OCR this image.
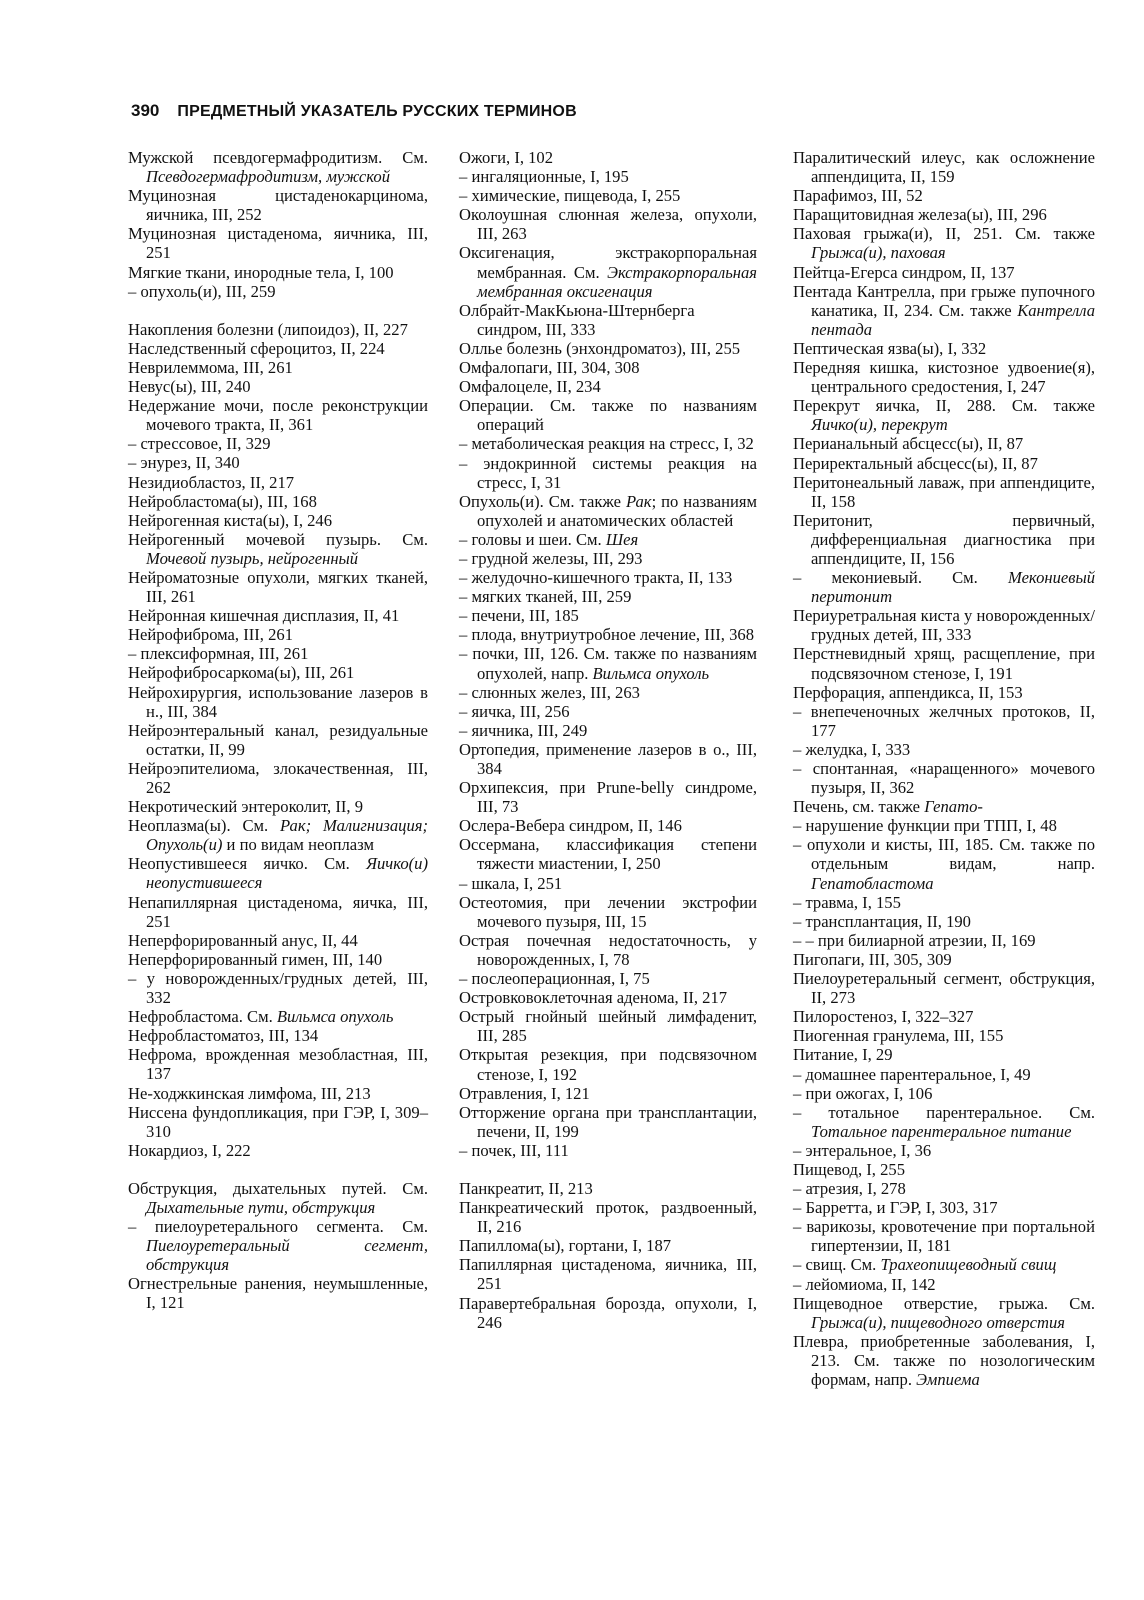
390 ПРЕДМЕТНЫЙ УКАЗАТЕЛЬ РУССКИХ ТЕРМИНОВ

Мужской псевдогермафродитизм. См. Псевдогермафродитизм, мужской

Муцинозная цистаденокарцинома, яичника, III, 252

Муцинозная цистаденома, яичника, III, 251

Мягкие ткани, инородные тела, I, 100

– опухоль(и), III, 259

Накопления болезни (липоидоз), II, 227

Наследственный сфероцитоз, II, 224

Неврилеммома, III, 261

Невус(ы), III, 240

Недержание мочи, после реконструкции мочевого тракта, II, 361

– стрессовое, II, 329

– энурез, II, 340

Незидиобластоз, II, 217

Нейробластома(ы), III, 168

Нейрогенная киста(ы), I, 246

Нейрогенный мочевой пузырь. См. Мочевой пузырь, нейрогенный

Нейроматозные опухоли, мягких тканей, III, 261

Нейронная кишечная дисплазия, II, 41

Нейрофиброма, III, 261

– плексиформная, III, 261

Нейрофибросаркома(ы), III, 261

Нейрохирургия, использование лазеров в н., III, 384

Нейроэнтеральный канал, резидуальные остатки, II, 99

Нейроэпителиома, злокачественная, III, 262

Некротический энтероколит, II, 9

Неоплазма(ы). См. Рак; Малигнизация; Опухоль(и) и по видам неоплазм

Неопустившееся яичко. См. Яичко(и) неопустившееся

Непапиллярная цистаденома, яичка, III, 251

Неперфорированный анус, II, 44

Неперфорированный гимен, III, 140

– у новорожденных/грудных детей, III, 332

Нефробластома. См. Вильмса опухоль

Нефробластоматоз, III, 134

Нефрома, врожденная мезобластная, III, 137

Не-ходжкинская лимфома, III, 213

Ниссена фундопликация, при ГЭР, I, 309–310

Нокардиоз, I, 222

Обструкция, дыхательных путей. См. Дыхательные пути, обструкция

– пиелоуретерального сегмента. См. Пиелоуретеральный сегмент, обструкция

Огнестрельные ранения, неумышленные, I, 121

Ожоги, I, 102

– ингаляционные, I, 195

– химические, пищевода, I, 255

Околоушная слюнная железа, опухоли, III, 263

Оксигенация, экстракорпоральная мембранная. См. Экстракорпоральная мембранная оксигенация

Олбрайт-МакКьюна-Штернберга синдром, III, 333

Олльe болезнь (энхондроматоз), III, 255

Омфалопаги, III, 304, 308

Омфалоцеле, II, 234

Операции. См. также по названиям операций

– метаболическая реакция на стресс, I, 32

– эндокринной системы реакция на стресс, I, 31

Опухоль(и). См. также Рак; по названиям опухолей и анатомических областей

– головы и шеи. См. Шея

– грудной железы, III, 293

– желудочно-кишечного тракта, II, 133

– мягких тканей, III, 259

– печени, III, 185

– плода, внутриутробное лечение, III, 368

– почки, III, 126. См. также по названиям опухолей, напр. Вильмса опухоль

– слюнных желез, III, 263

– яичка, III, 256

– яичника, III, 249

Ортопедия, применение лазеров в о., III, 384

Орхипексия, при Prune-belly синдроме, III, 73

Ослера-Вебера синдром, II, 146

Оссермана, классификация степени тяжести миастении, I, 250

– шкала, I, 251

Остеотомия, при лечении экстрофии мочевого пузыря, III, 15

Острая почечная недостаточность, у новорожденных, I, 78

– послеоперационная, I, 75

Островковоклеточная аденома, II, 217

Острый гнойный шейный лимфаденит, III, 285

Открытая резекция, при подсвязочном стенозе, I, 192

Отравления, I, 121

Отторжение органа при трансплантации, печени, II, 199

– почек, III, 111

Панкреатит, II, 213

Панкреатический проток, раздвоенный, II, 216

Папиллома(ы), гортани, I, 187

Папиллярная цистаденома, яичника, III, 251

Паравертебральная борозда, опухоли, I, 246

Паралитический илеус, как осложнение аппендицита, II, 159

Парафимоз, III, 52

Паращитовидная железа(ы), III, 296

Паховая грыжа(и), II, 251. См. также Грыжа(и), паховая

Пейтца-Егерса синдром, II, 137

Пентада Кантрелла, при грыже пупочного канатика, II, 234. См. также Кантрелла пентада

Пептическая язва(ы), I, 332

Передняя кишка, кистозное удвоение(я), центрального средостения, I, 247

Перекрут яичка, II, 288. См. также Яичко(и), перекрут

Перианальный абсцесс(ы), II, 87

Периректальный абсцесс(ы), II, 87

Перитонеальный лаваж, при аппендиците, II, 158

Перитонит, первичный, дифференциальная диагностика при аппендиците, II, 156

– мекониевый. См. Мекониевый перитонит

Периуретральная киста у новорожденных/грудных детей, III, 333

Перстневидный хрящ, расщепление, при подсвязочном стенозе, I, 191

Перфорация, аппендикса, II, 153

– внепеченочных желчных протоков, II, 177

– желудка, I, 333

– спонтанная, «наращенного» мочевого пузыря, II, 362

Печень, см. также Гепато-

– нарушение функции при ТПП, I, 48

– опухоли и кисты, III, 185. См. также по отдельным видам, напр. Гепатобластома

– травма, I, 155

– трансплантация, II, 190

– – при билиарной атрезии, II, 169

Пигопаги, III, 305, 309

Пиелоуретеральный сегмент, обструкция, II, 273

Пилоростеноз, I, 322–327

Пиогенная гранулема, III, 155

Питание, I, 29

– домашнее парентеральное, I, 49

– при ожогах, I, 106

– тотальное парентеральное. См. Тотальное парентеральное питание

– энтеральное, I, 36

Пищевод, I, 255

– атрезия, I, 278

– Барретта, и ГЭР, I, 303, 317

– варикозы, кровотечение при портальной гипертензии, II, 181

– свищ. См. Трахеопищеводный свищ

– лейомиома, II, 142

Пищеводное отверстие, грыжа. См. Грыжа(и), пищеводного отверстия

Плевра, приобретенные заболевания, I, 213. См. также по нозологическим формам, напр. Эмпиема
